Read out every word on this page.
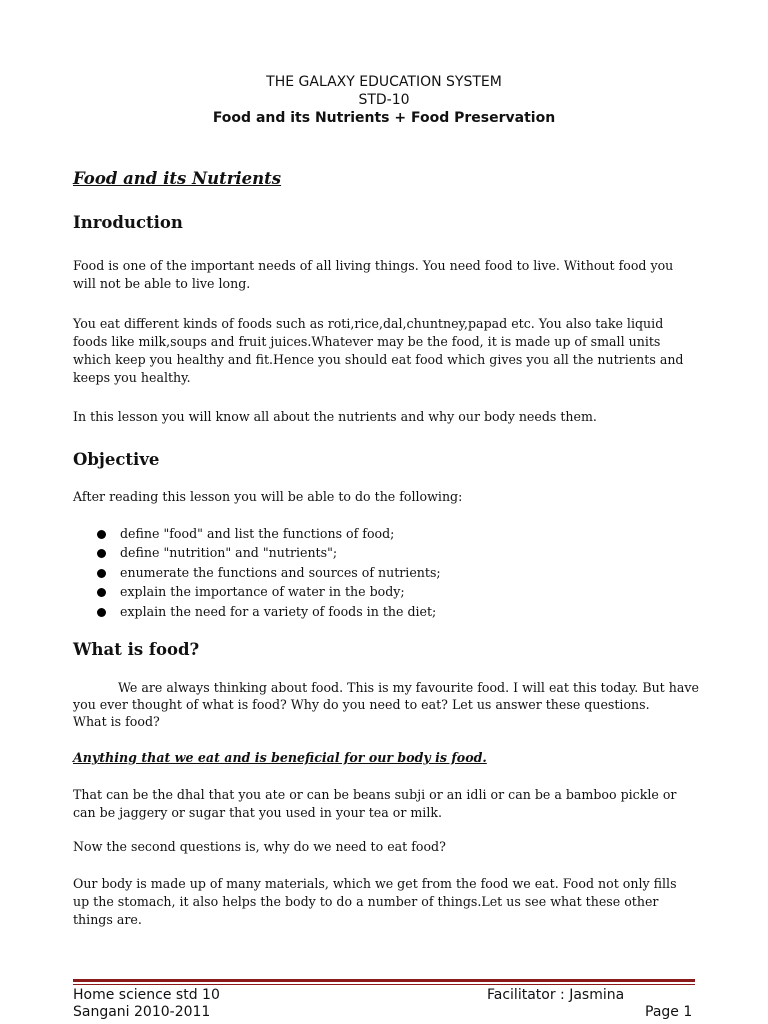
THE GALAXY EDUCATION SYSTEM
STD-10
Food and its Nutrients + Food Preservation
Food and its Nutrients
Inroduction
Food is one of the important needs of all living things. You need food to live. Without food you will not be able to live long.
You eat different kinds of foods such as roti,rice,dal,chuntney,papad etc. You also take liquid foods like milk,soups and fruit juices.Whatever may be the food, it is made up of small units which keep you healthy and fit.Hence you should eat food which gives you all the nutrients and keeps you healthy.
In this lesson you will know all about the nutrients and why our body needs them.
Objective
After reading this lesson you will be able to do the following:
define "food" and list the functions of food;
define "nutrition" and "nutrients";
enumerate the functions and sources of nutrients;
explain the importance of water in the body;
explain the need for a variety of foods in the diet;
What is food?
We are always thinking about food. This is my favourite food. I will eat this today. But have
you ever thought of what is food? Why do you need to eat? Let us answer these questions.
What is food?
Anything that we eat and is beneficial for our body is food.
That can be the dhal that you ate or can be beans subji or an idli or can be a bamboo pickle or can be jaggery or sugar that you used in your tea or milk.
Now the second questions is, why do we need to eat food?
Our body is made up of many materials, which we get from the food we eat. Food not only fills up the stomach, it also helps the body to do a number of things.Let us see what these other things are.
Home science std 10
Sangani 2010-2011
Facilitator : Jasmina
Page 1
